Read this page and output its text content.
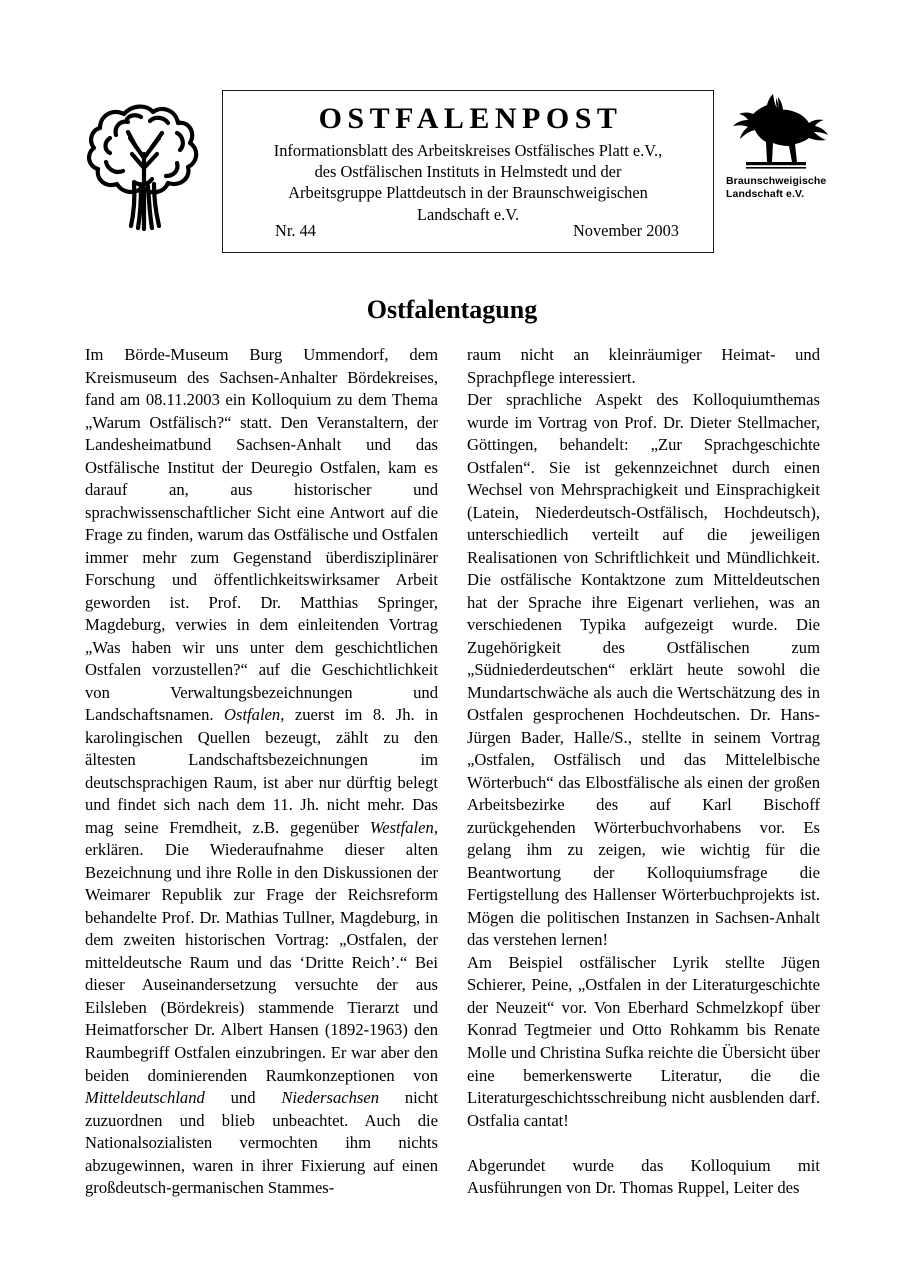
OSTFALENPOST
Informationsblatt des Arbeitskreises Ostfälisches Platt e.V.,
des Ostfälischen Instituts in Helmstedt und der
Arbeitsgruppe Plattdeutsch in der Braunschweigischen
Landschaft e.V.
Nr. 44	November 2003
Braunschweigische
Landschaft e.V.
Ostfalentagung

Im Börde-Museum Burg Ummendorf, dem Kreismuseum des Sachsen-Anhalter Bördekreises, fand am 08.11.2003 ein Kolloquium zu dem Thema „Warum Ostfälisch?“ statt. Den Veranstaltern, der Landesheimatbund Sachsen-Anhalt und das Ostfälische Institut der Deuregio Ostfalen, kam es darauf an, aus historischer und sprachwissenschaftlicher Sicht eine Antwort auf die Frage zu finden, warum das Ostfälische und Ostfalen immer mehr zum Gegenstand überdisziplinärer Forschung und öffentlichkeitswirksamer Arbeit geworden ist. Prof. Dr. Matthias Springer, Magdeburg, verwies in dem einleitenden Vortrag „Was haben wir uns unter dem geschichtlichen Ostfalen vorzustellen?“ auf die Geschichtlichkeit von Verwaltungsbezeichnungen und Landschaftsnamen. Ostfalen, zuerst im 8. Jh. in karolingischen Quellen bezeugt, zählt zu den ältesten Landschaftsbezeichnungen im deutschsprachigen Raum, ist aber nur dürftig belegt und findet sich nach dem 11. Jh. nicht mehr. Das mag seine Fremdheit, z.B. gegenüber Westfalen, erklären. Die Wiederaufnahme dieser alten Bezeichnung und ihre Rolle in den Diskussionen der Weimarer Republik zur Frage der Reichsreform behandelte Prof. Dr. Mathias Tullner, Magdeburg, in dem zweiten historischen Vortrag: „Ostfalen, der mitteldeutsche Raum und das ‘Dritte Reich’.“ Bei dieser Auseinandersetzung versuchte der aus Eilsleben (Bördekreis) stammende Tierarzt und Heimatforscher Dr. Albert Hansen (1892-1963) den Raumbegriff Ostfalen einzubringen. Er war aber den beiden dominierenden Raumkonzeptionen von Mitteldeutschland und Niedersachsen nicht zuzuordnen und blieb unbeachtet. Auch die Nationalsozialisten vermochten ihm nichts abzugewinnen, waren in ihrer Fixierung auf einen großdeutsch-germanischen Stammes-

raum nicht an kleinräumiger Heimat- und Sprachpflege interessiert.

Der sprachliche Aspekt des Kolloquiumthemas wurde im Vortrag von Prof. Dr. Dieter Stellmacher, Göttingen, behandelt: „Zur Sprachgeschichte Ostfalen“. Sie ist gekennzeichnet durch einen Wechsel von Mehrsprachigkeit und Einsprachigkeit (Latein, Niederdeutsch-Ostfälisch, Hochdeutsch), unterschiedlich verteilt auf die jeweiligen Realisationen von Schriftlichkeit und Mündlichkeit. Die ostfälische Kontaktzone zum Mitteldeutschen hat der Sprache ihre Eigenart verliehen, was an verschiedenen Typika aufgezeigt wurde. Die Zugehörigkeit des Ostfälischen zum „Südniederdeutschen“ erklärt heute sowohl die Mundartschwäche als auch die Wertschätzung des in Ostfalen gesprochenen Hochdeutschen. Dr. Hans-Jürgen Bader, Halle/S., stellte in seinem Vortrag „Ostfalen, Ostfälisch und das Mittelelbische Wörterbuch“ das Elbostfälische als einen der großen Arbeitsbezirke des auf Karl Bischoff zurückgehenden Wörterbuchvorhabens vor. Es gelang ihm zu zeigen, wie wichtig für die Beantwortung der Kolloquiumsfrage die Fertigstellung des Hallenser Wörterbuchprojekts ist. Mögen die politischen Instanzen in Sachsen-Anhalt das verstehen lernen!

Am Beispiel ostfälischer Lyrik stellte Jügen Schierer, Peine, „Ostfalen in der Literaturgeschichte der Neuzeit“ vor. Von Eberhard Schmelzkopf über Konrad Tegtmeier und Otto Rohkamm bis Renate Molle und Christina Sufka reichte die Übersicht über eine bemerkenswerte Literatur, die die Literaturgeschichtsschreibung nicht ausblenden darf. Ostfalia cantat!

Abgerundet wurde das Kolloquium mit Ausführungen von Dr. Thomas Ruppel, Leiter des
